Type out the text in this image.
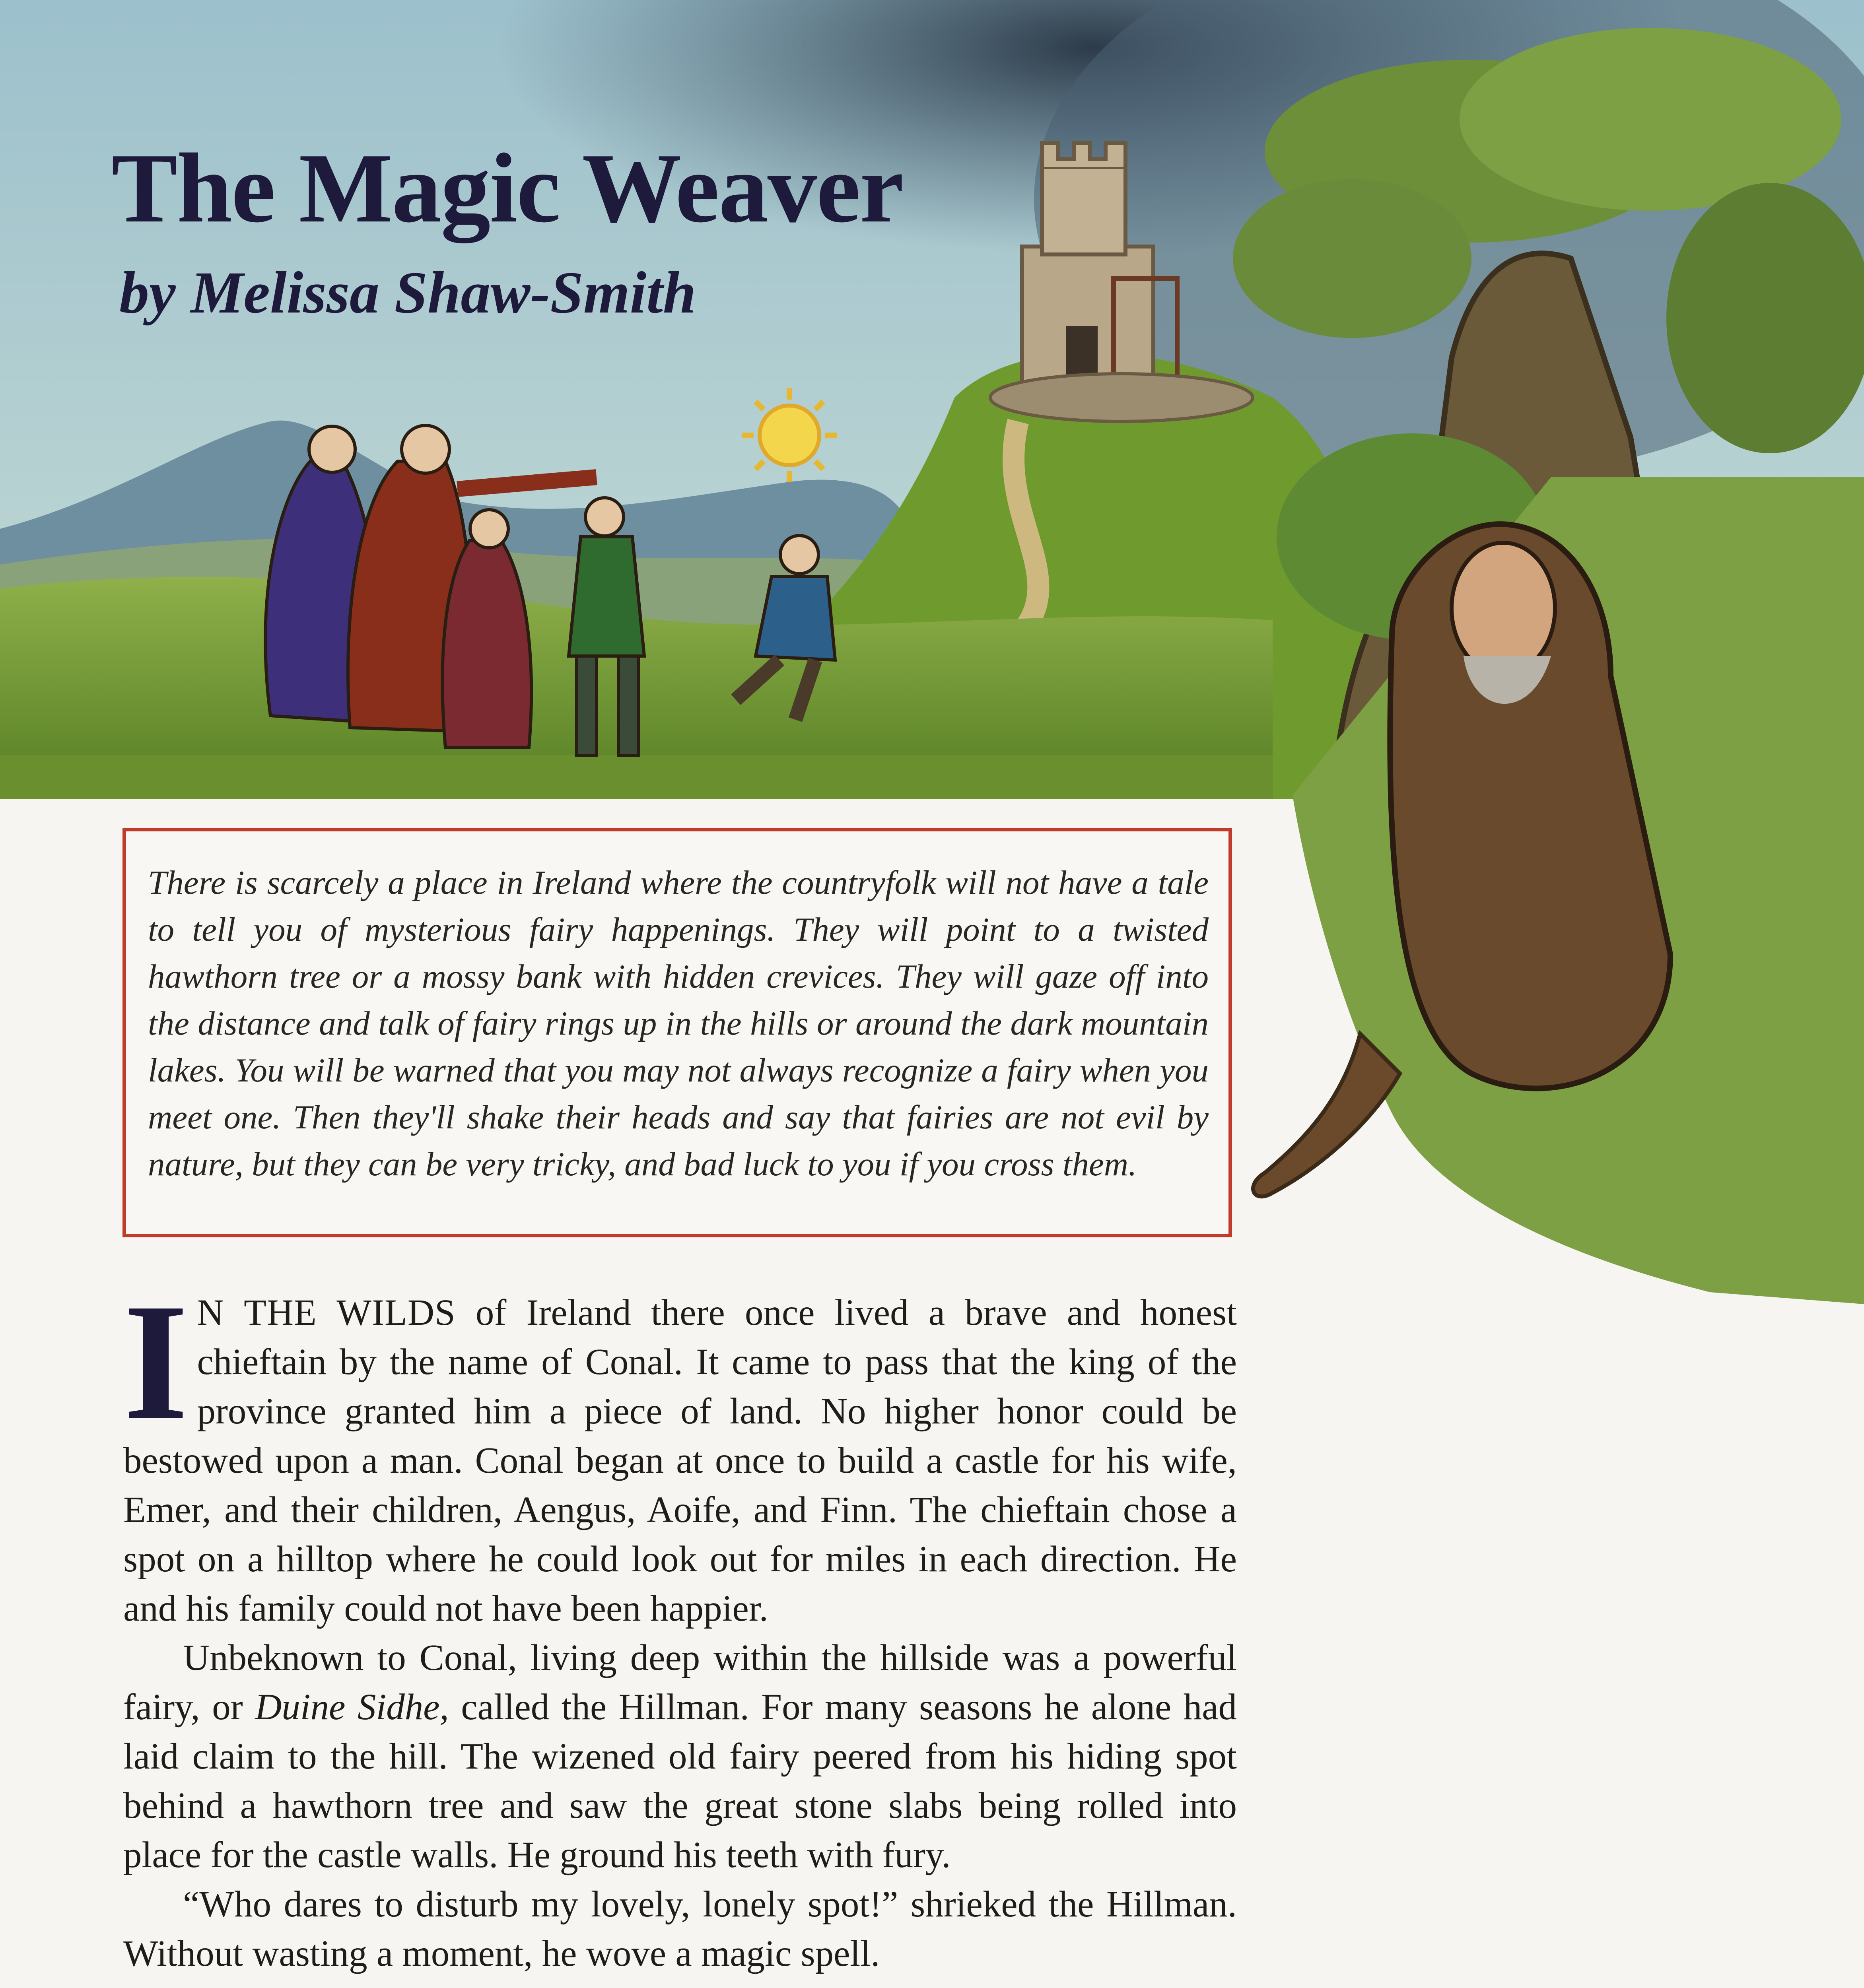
The Magic Weaver
by Melissa Shaw-Smith

There is scarcely a place in Ireland where the countryfolk will not have a tale to tell you of mysterious fairy happenings. They will point to a twisted hawthorn tree or a mossy bank with hidden crevices. They will gaze off into the distance and talk of fairy rings up in the hills or around the dark mountain lakes. You will be warned that you may not always recognize a fairy when you meet one. Then they'll shake their heads and say that fairies are not evil by nature, but they can be very tricky, and bad luck to you if you cross them.

I N THE WILDS of Ireland there once lived a brave and honest chieftain by the name of Conal. It came to pass that the king of the province granted him a piece of land. No higher honor could be bestowed upon a man. Conal began at once to build a castle for his wife, Emer, and their children, Aengus, Aoife, and Finn. The chieftain chose a spot on a hilltop where he could look out for miles in each direction. He and his family could not have been happier.

Unbeknown to Conal, living deep within the hillside was a powerful fairy, or Duine Sidhe, called the Hillman. For many seasons he alone had laid claim to the hill. The wizened old fairy peered from his hiding spot behind a hawthorn tree and saw the great stone slabs being rolled into place for the castle walls. He ground his teeth with fury.

“Who dares to disturb my lovely, lonely spot!” shrieked the Hillman. Without wasting a moment, he wove a magic spell.
